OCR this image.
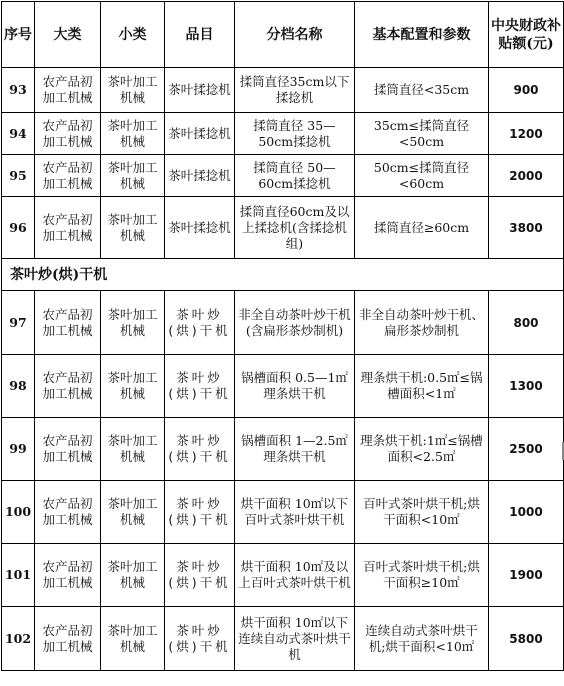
序号	大类	小类	品目	分档名称	基本配置和参数	中央财政补贴额(元)
93	农产品初加工机械	茶叶加工机械	茶叶揉捻机	揉筒直径35cm以下揉捻机	揉筒直径<35cm	900
94	农产品初加工机械	茶叶加工机械	茶叶揉捻机	揉筒直径 35—50cm揉捻机	35cm≤揉筒直径<50cm	1200
95	农产品初加工机械	茶叶加工机械	茶叶揉捻机	揉筒直径 50—60cm揉捻机	50cm≤揉筒直径<60cm	2000
96	农产品初加工机械	茶叶加工机械	茶叶揉捻机	揉筒直径60cm及以上揉捻机(含揉捻机组)	揉筒直径≥60cm	3800
茶叶炒(烘)干机						
97	农产品初加工机械	茶叶加工机械	茶叶炒(烘)干机	非全自动茶叶炒干机(含扁形茶炒制机)	非全自动茶叶炒干机、扁形茶炒制机	800
98	农产品初加工机械	茶叶加工机械	茶叶炒(烘)干机	锅槽面积 0.5—1㎡理条烘干机	理条烘干机:0.5㎡≤锅槽面积<1㎡	1300
99	农产品初加工机械	茶叶加工机械	茶叶炒(烘)干机	锅槽面积 1—2.5㎡理条烘干机	理条烘干机:1㎡≤锅槽面积<2.5㎡	2500
100	农产品初加工机械	茶叶加工机械	茶叶炒(烘)干机	烘干面积 10㎡以下百叶式茶叶烘干机	百叶式茶叶烘干机;烘干面积<10㎡	1000
101	农产品初加工机械	茶叶加工机械	茶叶炒(烘)干机	烘干面积 10㎡及以上百叶式茶叶烘干机	百叶式茶叶烘干机;烘干面积≥10㎡	1900
102	农产品初加工机械	茶叶加工机械	茶叶炒(烘)干机	烘干面积 10㎡以下连续自动式茶叶烘干机	连续自动式茶叶烘干机;烘干面积<10㎡	5800
